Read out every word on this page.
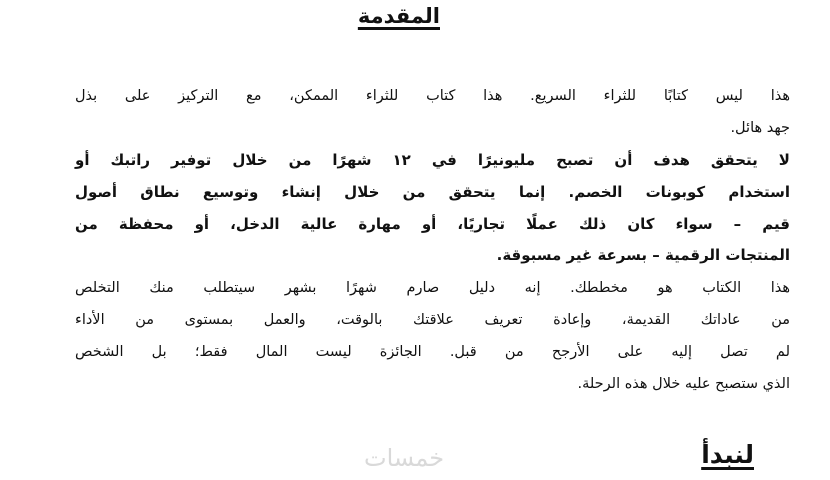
المقدمة

هذا ليس كتابًا للثراء السريع. هذا كتاب للثراء الممكن، مع التركيز على بذل

جهد هائل.

لا يتحقق هدف أن تصبح مليونيرًا في ١٢ شهرًا من خلال توفير راتبك أو

استخدام كوبونات الخصم. إنما يتحقق من خلال إنشاء وتوسيع نطاق أصول

قيم – سواء كان ذلك عملًا تجاريًا، أو مهارة عالية الدخل، أو محفظة من

المنتجات الرقمية – بسرعة غير مسبوقة.

هذا الكتاب هو مخططك. إنه دليل صارم شهرًا بشهر سيتطلب منك التخلص

من عاداتك القديمة، وإعادة تعريف علاقتك بالوقت، والعمل بمستوى من الأداء

لم تصل إليه على الأرجح من قبل. الجائزة ليست المال فقط؛ بل الشخص

الذي ستصبح عليه خلال هذه الرحلة.

خمسات	لنبدأ
